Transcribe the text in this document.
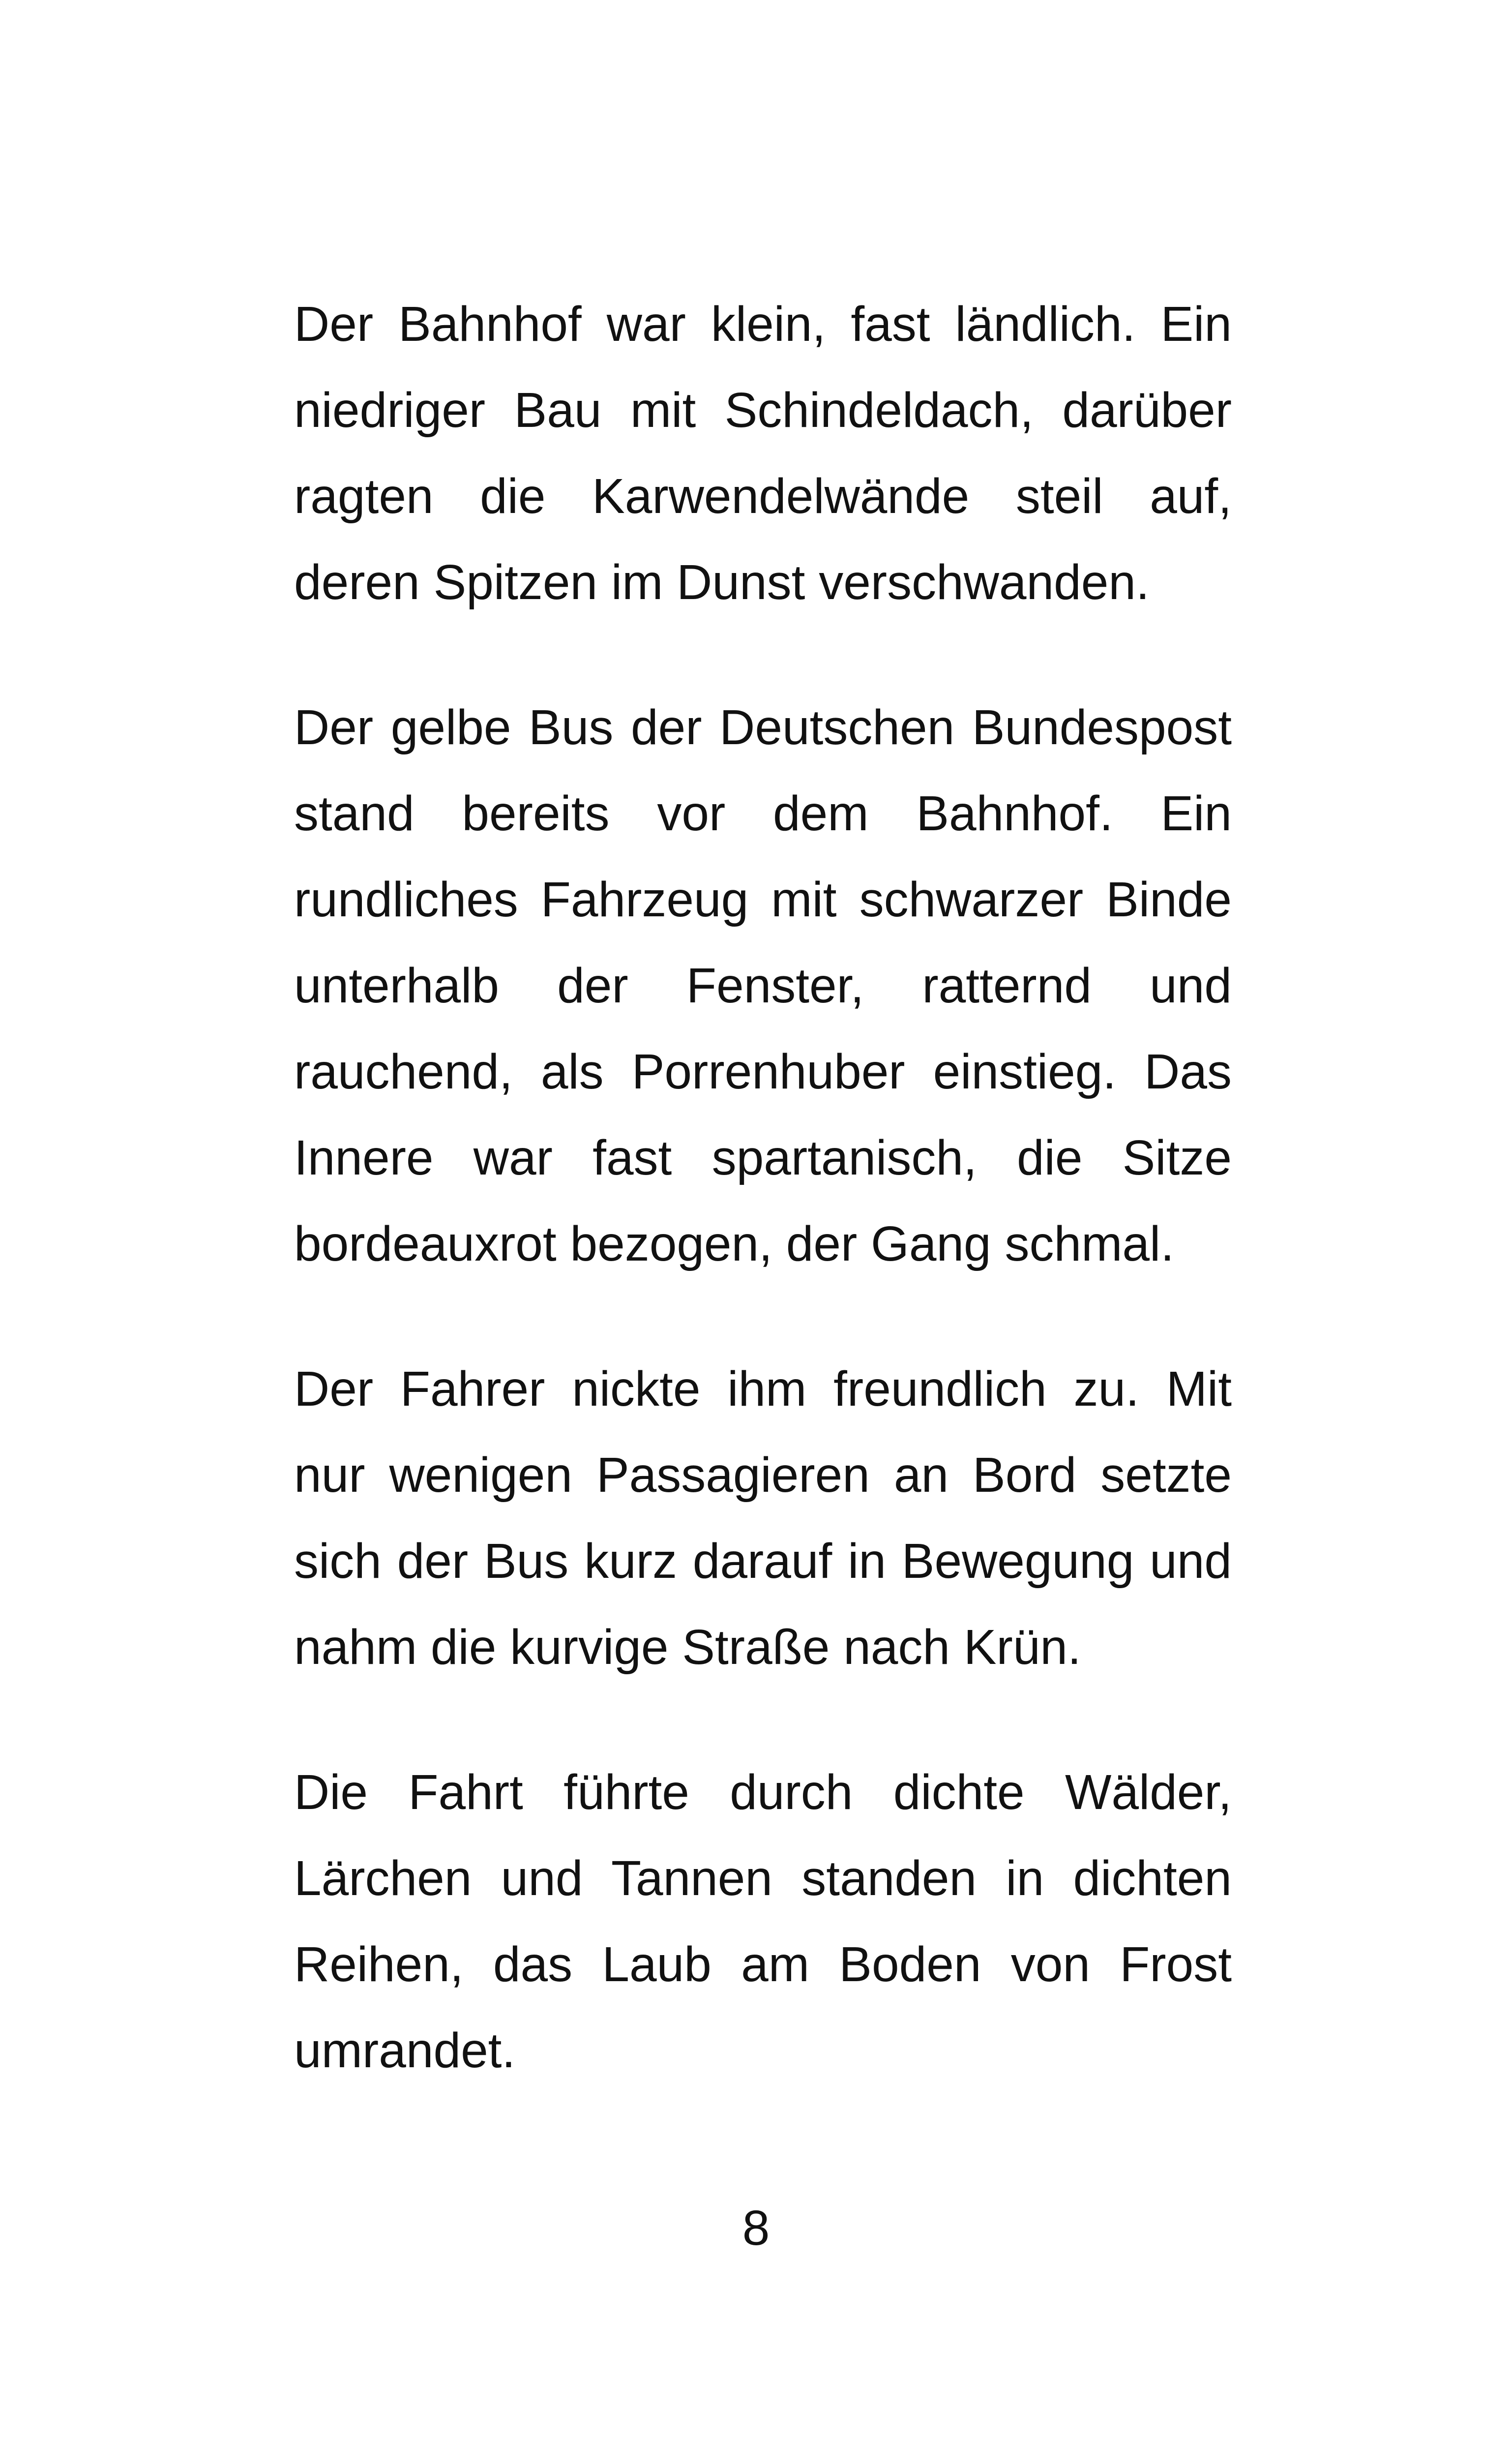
Der Bahnhof war klein, fast ländlich. Ein niedriger Bau mit Schindeldach, darüber ragten die Karwendelwände steil auf, deren Spitzen im Dunst verschwanden.

Der gelbe Bus der Deutschen Bundespost stand bereits vor dem Bahnhof. Ein rundliches Fahrzeug mit schwarzer Binde unterhalb der Fenster, ratternd und rauchend, als Porrenhuber einstieg. Das Innere war fast spartanisch, die Sitze bordeauxrot bezogen, der Gang schmal.

Der Fahrer nickte ihm freundlich zu. Mit nur wenigen Passagieren an Bord setzte sich der Bus kurz darauf in Bewegung und nahm die kurvige Straße nach Krün.

Die Fahrt führte durch dichte Wälder, Lärchen und Tannen standen in dichten Reihen, das Laub am Boden von Frost umrandet.

8
